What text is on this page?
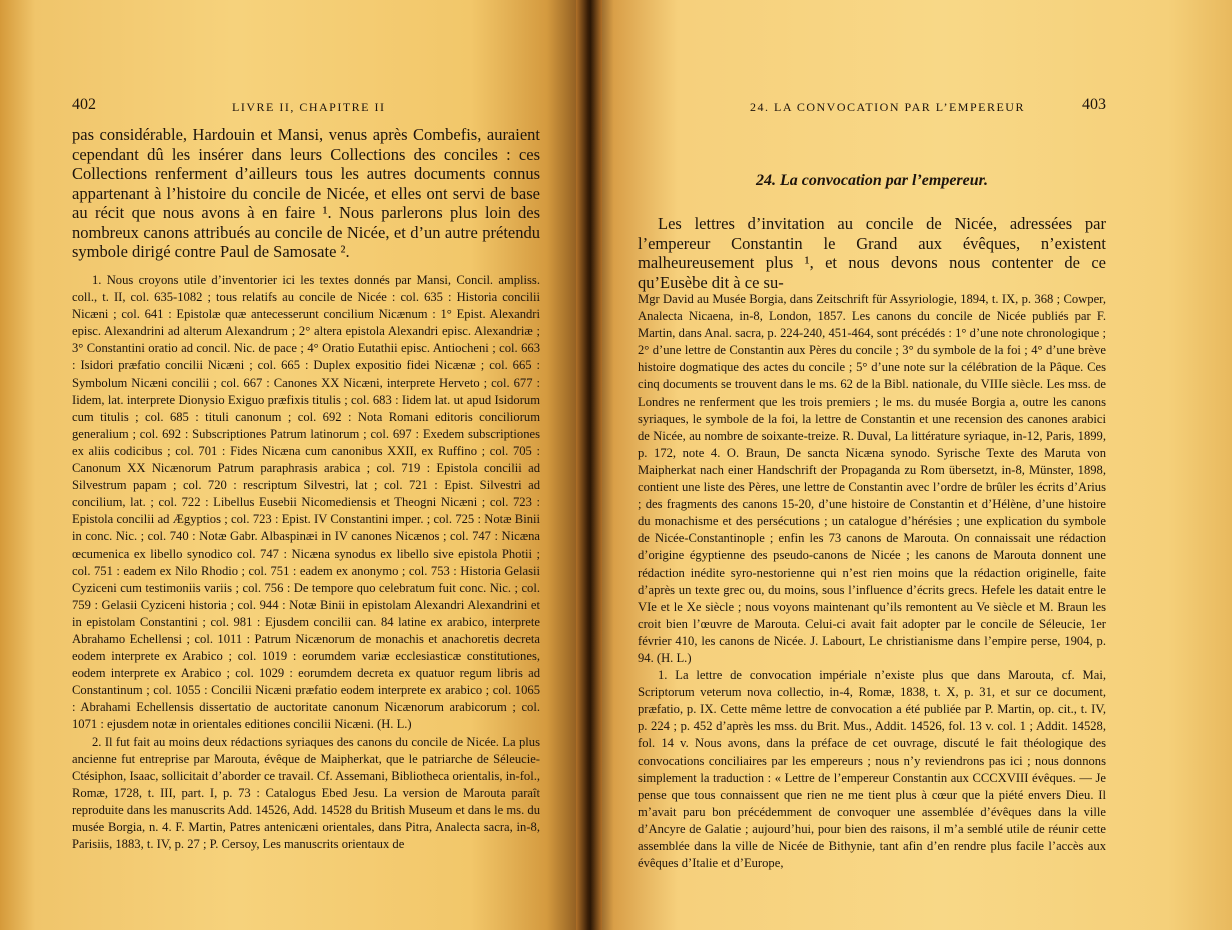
402	LIVRE II, CHAPITRE II

pas considérable, Hardouin et Mansi, venus après Combefis, auraient cependant dû les insérer dans leurs Collections des conciles : ces Collections renferment d’ailleurs tous les autres documents connus appartenant à l’histoire du concile de Nicée, et elles ont servi de base au récit que nous avons à en faire ¹. Nous parlerons plus loin des nombreux canons attribués au concile de Nicée, et d’un autre prétendu symbole dirigé contre Paul de Samosate ².

1. Nous croyons utile d’inventorier ici les textes donnés par Mansi, Concil. ampliss. coll., t. II, col. 635-1082 ; tous relatifs au concile de Nicée : col. 635 : Historia concilii Nicæni ; col. 641 : Epistolæ quæ antecesserunt concilium Nicænum : 1° Epist. Alexandri episc. Alexandrini ad alterum Alexandrum ; 2° altera epistola Alexandri episc. Alexandriæ ; 3° Constantini oratio ad concil. Nic. de pace ; 4° Oratio Eutathii episc. Antiocheni ; col. 663 : Isidori præfatio concilii Nicæni ; col. 665 : Duplex expositio fidei Nicænæ ; col. 665 : Symbolum Nicæni concilii ; col. 667 : Canones XX Nicæni, interprete Herveto ; col. 677 : Iidem, lat. interprete Dionysio Exiguo præfixis titulis ; col. 683 : Iidem lat. ut apud Isidorum cum titulis ; col. 685 : tituli canonum ; col. 692 : Nota Romani editoris conciliorum generalium ; col. 692 : Subscriptiones Patrum latinorum ; col. 697 : Exedem subscriptiones ex aliis codicibus ; col. 701 : Fides Nicæna cum canonibus XXII, ex Ruffino ; col. 705 : Canonum XX Nicænorum Patrum paraphrasis arabica ; col. 719 : Epistola concilii ad Silvestrum papam ; col. 720 : rescriptum Silvestri, lat ; col. 721 : Epist. Silvestri ad concilium, lat. ; col. 722 : Libellus Eusebii Nicomediensis et Theogni Nicæni ; col. 723 : Epistola concilii ad Ægyptios ; col. 723 : Epist. IV Constantini imper. ; col. 725 : Notæ Binii in conc. Nic. ; col. 740 : Notæ Gabr. Albaspinæi in IV canones Nicænos ; col. 747 : Nicæna œcumenica ex libello synodico col. 747 : Nicæna synodus ex libello sive epistola Photii ; col. 751 : eadem ex Nilo Rhodio ; col. 751 : eadem ex anonymo ; col. 753 : Historia Gelasii Cyziceni cum testimoniis variis ; col. 756 : De tempore quo celebratum fuit conc. Nic. ; col. 759 : Gelasii Cyziceni historia ; col. 944 : Notæ Binii in epistolam Alexandri Alexandrini et in epistolam Constantini ; col. 981 : Ejusdem concilii can. 84 latine ex arabico, interprete Abrahamo Echellensi ; col. 1011 : Patrum Nicænorum de monachis et anachoretis decreta eodem interprete ex Arabico ; col. 1019 : eorumdem variæ ecclesiasticæ constitutiones, eodem interprete ex Arabico ; col. 1029 : eorumdem decreta ex quatuor regum libris ad Constantinum ; col. 1055 : Concilii Nicæni præfatio eodem interprete ex arabico ; col. 1065 : Abrahami Echellensis dissertatio de auctoritate canonum Nicænorum arabicorum ; col. 1071 : ejusdem notæ in orientales editiones concilii Nicæni. (H. L.)

2. Il fut fait au moins deux rédactions syriaques des canons du concile de Nicée. La plus ancienne fut entreprise par Marouta, évêque de Maipherkat, que le patriarche de Séleucie-Ctésiphon, Isaac, sollicitait d’aborder ce travail. Cf. Assemani, Bibliotheca orientalis, in-fol., Romæ, 1728, t. III, part. I, p. 73 : Catalogus Ebed Jesu. La version de Marouta paraît reproduite dans les manuscrits Add. 14526, Add. 14528 du British Museum et dans le ms. du musée Borgia, n. 4. F. Martin, Patres antenicæni orientales, dans Pitra, Analecta sacra, in-8, Parisiis, 1883, t. IV, p. 27 ; P. Cersoy, Les manuscrits orientaux de

24. LA CONVOCATION PAR L’EMPEREUR	403
24. La convocation par l’empereur.

Les lettres d’invitation au concile de Nicée, adressées par l’empereur Constantin le Grand aux évêques, n’existent malheureusement plus ¹, et nous devons nous contenter de ce qu’Eusèbe dit à ce su-

Mgr David au Musée Borgia, dans Zeitschrift für Assyriologie, 1894, t. IX, p. 368 ; Cowper, Analecta Nicaena, in-8, London, 1857. Les canons du concile de Nicée publiés par F. Martin, dans Anal. sacra, p. 224-240, 451-464, sont précédés : 1° d’une note chronologique ; 2° d’une lettre de Constantin aux Pères du concile ; 3° du symbole de la foi ; 4° d’une brève histoire dogmatique des actes du concile ; 5° d’une note sur la célébration de la Pâque. Ces cinq documents se trouvent dans le ms. 62 de la Bibl. nationale, du VIIIe siècle. Les mss. de Londres ne renferment que les trois premiers ; le ms. du musée Borgia a, outre les canons syriaques, le symbole de la foi, la lettre de Constantin et une recension des canones arabici de Nicée, au nombre de soixante-treize. R. Duval, La littérature syriaque, in-12, Paris, 1899, p. 172, note 4. O. Braun, De sancta Nicæna synodo. Syrische Texte des Maruta von Maipherkat nach einer Handschrift der Propaganda zu Rom übersetzt, in-8, Münster, 1898, contient une liste des Pères, une lettre de Constantin avec l’ordre de brûler les écrits d’Arius ; des fragments des canons 15-20, d’une histoire de Constantin et d’Hélène, d’une histoire du monachisme et des persécutions ; un catalogue d’hérésies ; une explication du symbole de Nicée-Constantinople ; enfin les 73 canons de Marouta. On connaissait une rédaction d’origine égyptienne des pseudo-canons de Nicée ; les canons de Marouta donnent une rédaction inédite syro-nestorienne qui n’est rien moins que la rédaction originelle, faite d’après un texte grec ou, du moins, sous l’influence d’écrits grecs. Hefele les datait entre le VIe et le Xe siècle ; nous voyons maintenant qu’ils remontent au Ve siècle et M. Braun les croit bien l’œuvre de Marouta. Celui-ci avait fait adopter par le concile de Séleucie, 1er février 410, les canons de Nicée. J. Labourt, Le christianisme dans l’empire perse, 1904, p. 94. (H. L.)

1. La lettre de convocation impériale n’existe plus que dans Marouta, cf. Mai, Scriptorum veterum nova collectio, in-4, Romæ, 1838, t. X, p. 31, et sur ce document, præfatio, p. IX. Cette même lettre de convocation a été publiée par P. Martin, op. cit., t. IV, p. 224 ; p. 452 d’après les mss. du Brit. Mus., Addit. 14526, fol. 13 v. col. 1 ; Addit. 14528, fol. 14 v. Nous avons, dans la préface de cet ouvrage, discuté le fait théologique des convocations conciliaires par les empereurs ; nous n’y reviendrons pas ici ; nous donnons simplement la traduction : « Lettre de l’empereur Constantin aux CCCXVIII évêques. — Je pense que tous connaissent que rien ne me tient plus à cœur que la piété envers Dieu. Il m’avait paru bon précédemment de convoquer une assemblée d’évêques dans la ville d’Ancyre de Galatie ; aujourd’hui, pour bien des raisons, il m’a semblé utile de réunir cette assemblée dans la ville de Nicée de Bithynie, tant afin d’en rendre plus facile l’accès aux évêques d’Italie et d’Europe,
